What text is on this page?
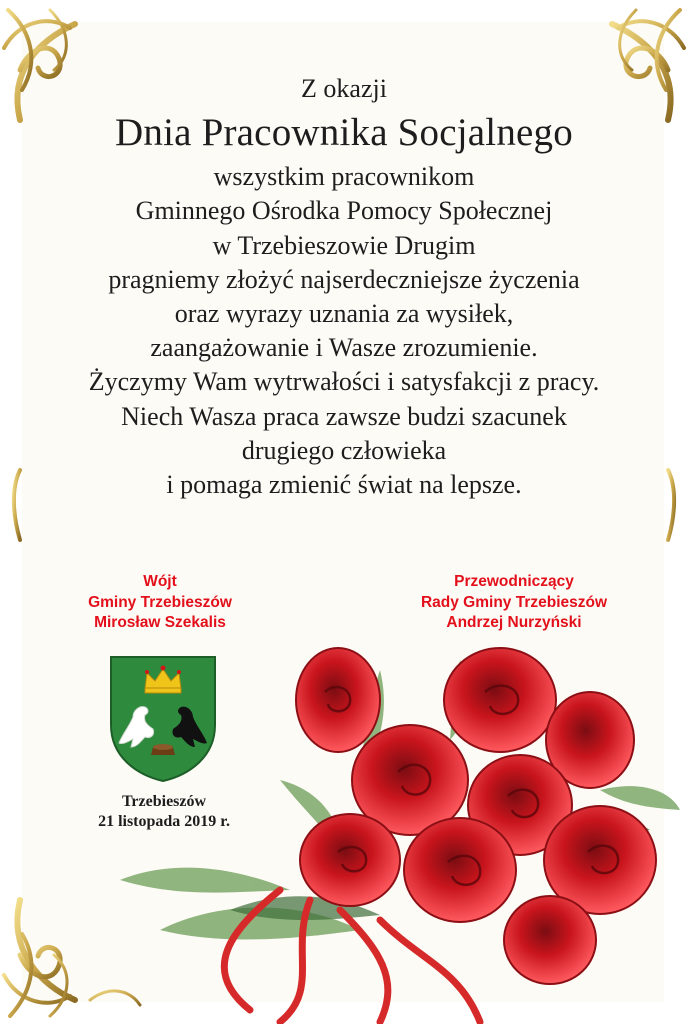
Z okazji
Dnia Pracownika Socjalnego
wszystkim pracownikom
Gminnego Ośrodka Pomocy Społecznej
w Trzebieszowie Drugim
pragniemy złożyć najserdeczniejsze życzenia
oraz wyrazy uznania za wysiłek,
zaangażowanie i Wasze zrozumienie.
Życzymy Wam wytrwałości i satysfakcji z pracy.
Niech Wasza praca zawsze budzi szacunek
drugiego człowieka
i pomaga zmienić świat na lepsze.
Wójt
Gminy Trzebieszów
Mirosław Szekalis
Przewodniczący
Rady Gminy Trzebieszów
Andrzej Nurzyński
Trzebieszów
21 listopada 2019 r.
